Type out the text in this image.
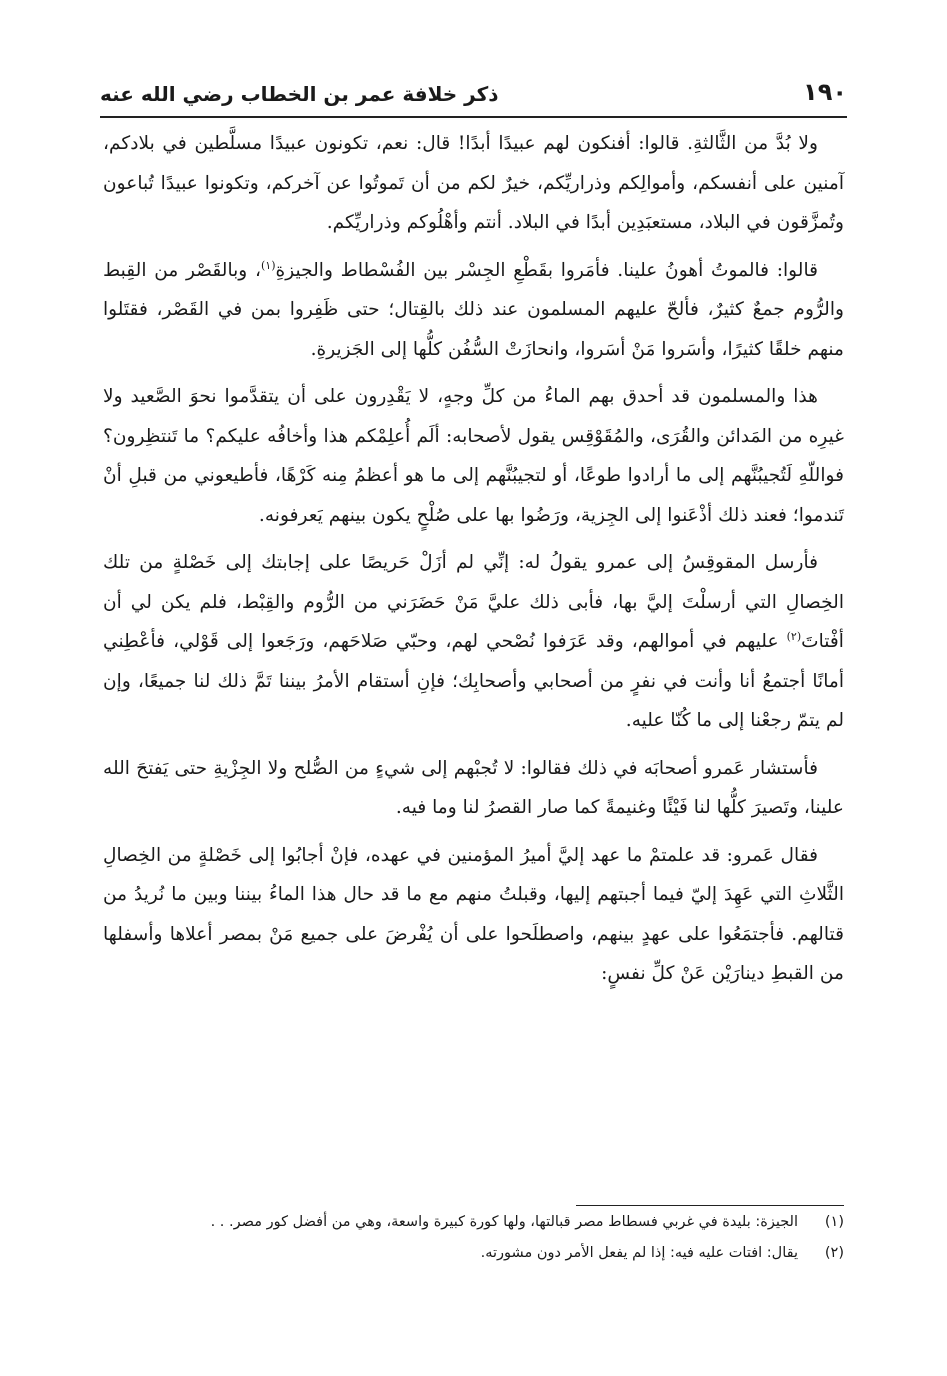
١٩٠
ذكر خلافة عمر بن الخطاب رضي الله عنه

ولا بُدَّ من الثَّالثةِ. قالوا: أفنكون لهم عبيدًا أبدًا! قال: نعم، تكونون عبيدًا مسلَّطين في بلادكم، آمنين على أنفسكم، وأموالِكم وذراريِّكم، خيرٌ لكم من أن تَموتُوا عن آخركم، وتكونوا عبيدًا تُباعون وتُمزَّقون في البلاد، مستعبَدِين أبدًا في البلاد. أنتم وأهْلُوكم وذراريِّكم.

قالوا: فالموتُ أهونُ علينا. فأمَروا بقَطْعِ الجِسْر بين الفُسْطاط والجيزةِ$^{(١)}$، وبالقَصْر من القِبط والرُّوم جمعٌ كثيرٌ، فألحّ عليهم المسلمون عند ذلك بالقِتال؛ حتى ظَفِروا بمن في القَصْر، فقتَلوا منهم خلقًا كثيرًا، وأسَروا مَنْ أسَروا، وانحازَتْ السُّفُن كلُّها إلى الجَزيرةِ.

هذا والمسلمون قد أحدق بهم الماءُ من كلِّ وجهٍ، لا يَقْدِرون على أن يتقدَّموا نحوَ الصَّعيد ولا غيرِه من المَدائن والقُرَى، والمُقَوْقِس يقول لأصحابه: ألَم أُعلِمْكم هذا وأخافُه عليكم؟ ما تَنتظِرون؟ فواللّهِ لَتُجيبُنَّهم إلى ما أرادوا طوعًا، أو لتجيبُنَّهم إلى ما هو أعظمُ مِنه كَرْهًا، فأطيعوني من قبلِ أنْ تَندموا؛ فعند ذلك أذْعَنوا إلى الجِزية، ورَضُوا بها على صُلْحٍ يكون بينهم يَعرفونه.

فأرسل المقوقِسُ إلى عمرو يقولُ له: إنِّي لم أزَلْ حَريصًا على إجابتك إلى خَصْلةٍ من تلك الخِصالِ التي أرسلْتَ إليَّ بها، فأبى ذلك عليَّ مَنْ حَضَرَني من الرُّوم والقِبْط، فلم يكن لي أن أفْتاتَ$^{(٢)}$ عليهم في أموالهم، وقد عَرَفوا نُصْحي لهم، وحبّي صَلاحَهم، ورَجَعوا إلى قَوْلي، فأعْطِني أمانًا أجتمعُ أنا وأنت في نفرٍ من أصحابي وأصحابِك؛ فإنِ أستقام الأمرُ بيننا تَمَّ ذلك لنا جميعًا، وإن لم يتمّ رجعْنا إلى ما كُنّا عليه.

فأستشار عَمرو أصحابَه في ذلك فقالوا: لا تُجبْهم إلى شيءٍ من الصُّلح ولا الجِزْيةِ حتى يَفتحَ الله علينا، وتَصيرَ كلُّها لنا فَيْئًا وغنيمةً كما صار القصرُ لنا وما فيه.

فقال عَمرو: قد علمتمْ ما عهد إليَّ أميرُ المؤمنين في عهده، فإنْ أجابُوا إلى خَصْلةٍ من الخِصالِ الثَّلاثِ التي عَهِدَ إليّ فيما أجبتهم إليها، وقبلتُ منهم مع ما قد حال هذا الماءُ بيننا وبين ما نُريدُ من قتالهم. فأجتمَعُوا على عهدٍ بينهم، واصطلَحوا على أن يُفْرضَ على جميع مَنْ بمصر أعلاها وأسفلها من القبطِ دينارَيْن عَنْ كلِّ نفسٍ:

(١)
الجيزة: بليدة في غربي فسطاط مصر قبالتها، ولها كورة كبيرة واسعة، وهي من أفضل كور مصر. . .
(٢)
يقال: افتات عليه فيه: إذا لم يفعل الأمر دون مشورته.
